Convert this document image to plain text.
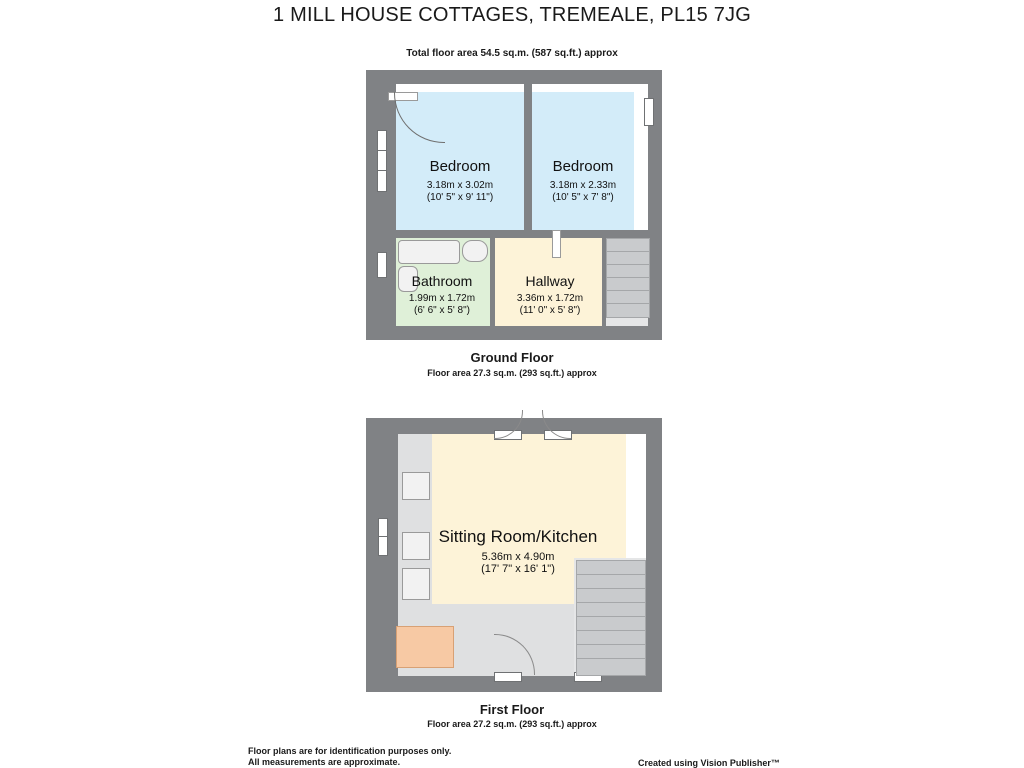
1 MILL HOUSE COTTAGES, TREMEALE, PL15 7JG
Total floor area 54.5 sq.m. (587 sq.ft.) approx
Bedroom
3.18m x 3.02m
(10' 5" x 9' 11")
Bedroom
3.18m x 2.33m
(10' 5" x 7' 8")
Bathroom
1.99m x 1.72m
(6' 6" x 5' 8")
Hallway
3.36m x 1.72m
(11' 0" x 5' 8")
Ground Floor
Floor area 27.3 sq.m. (293 sq.ft.) approx
Sitting Room/Kitchen
5.36m x 4.90m
(17' 7" x 16' 1")
First Floor
Floor area 27.2 sq.m. (293 sq.ft.) approx
Floor plans are for identification purposes only.
All measurements are approximate.	Created using Vision Publisher™
